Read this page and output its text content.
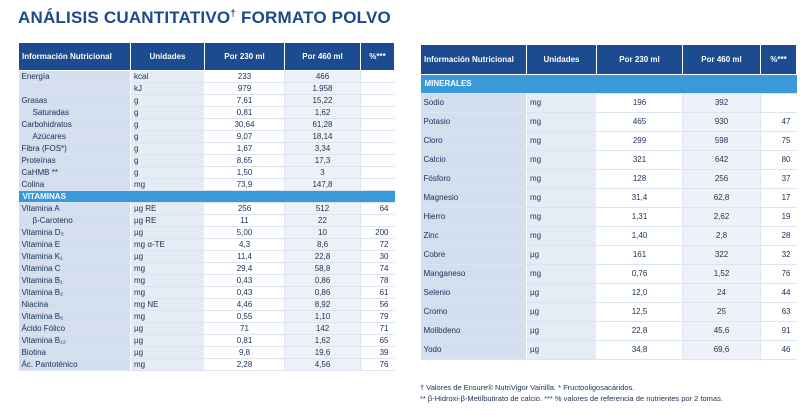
ANÁLISIS CUANTITATIVO† FORMATO POLVO
Información Nutricional	Unidades	Por 230 ml	Por 460 ml	%***
Energía	kcal	233	466	
	kJ	979	1.958	
Grasas	g	7,61	15,22	
Saturadas	g	0,81	1,62	
Carbohidratos	g	30,64	61,28	
Azúcares	g	9,07	18,14	
Fibra (FOS*)	g	1,67	3,34	
Proteínas	g	8,65	17,3	
CaHMB **	g	1,50	3	
Colina	mg	73,9	147,8	
VITAMINAS				
Vitamina A	µg RE	256	512	64
β-Caroteno	µg RE	11	22	
Vitamina D₃	µg	5,00	10	200
Vitamina E	mg α-TE	4,3	8,6	72
Vitamina K₁	µg	11,4	22,8	30
Vitamina C	mg	29,4	58,8	74
Vitamina B₁	mg	0,43	0,86	78
Vitamina B₂	mg	0,43	0,86	61
Niacina	mg NE	4,46	8,92	56
Vitamina B₆	mg	0,55	1,10	79
Ácido Fólico	µg	71	142	71
Vitamina B₁₂	µg	0,81	1,62	65
Biotina	µg	9,8	19,6	39
Ác. Pantoténico	mg	2,28	4,56	76
Información Nutricional	Unidades	Por 230 ml	Por 460 ml	%***
MINERALES				
Sodio	mg	196	392	
Potasio	mg	465	930	47
Cloro	mg	299	598	75
Calcio	mg	321	642	80
Fósforo	mg	128	256	37
Magnesio	mg	31,4	62,8	17
Hierro	mg	1,31	2,62	19
Zinc	mg	1,40	2,8	28
Cobre	µg	161	322	32
Manganeso	mg	0,76	1,52	76
Selenio	µg	12,0	24	44
Cromo	µg	12,5	25	63
Molibdeno	µg	22,8	45,6	91
Yodo	µg	34,8	69,6	46
† Valores de Ensure® NutriVigor Vainilla. * Fructooligosacáridos.
** β-Hidroxi-β-Metilbutirato de calcio. *** % valores de referencia de nutrientes por 2 tomas.
